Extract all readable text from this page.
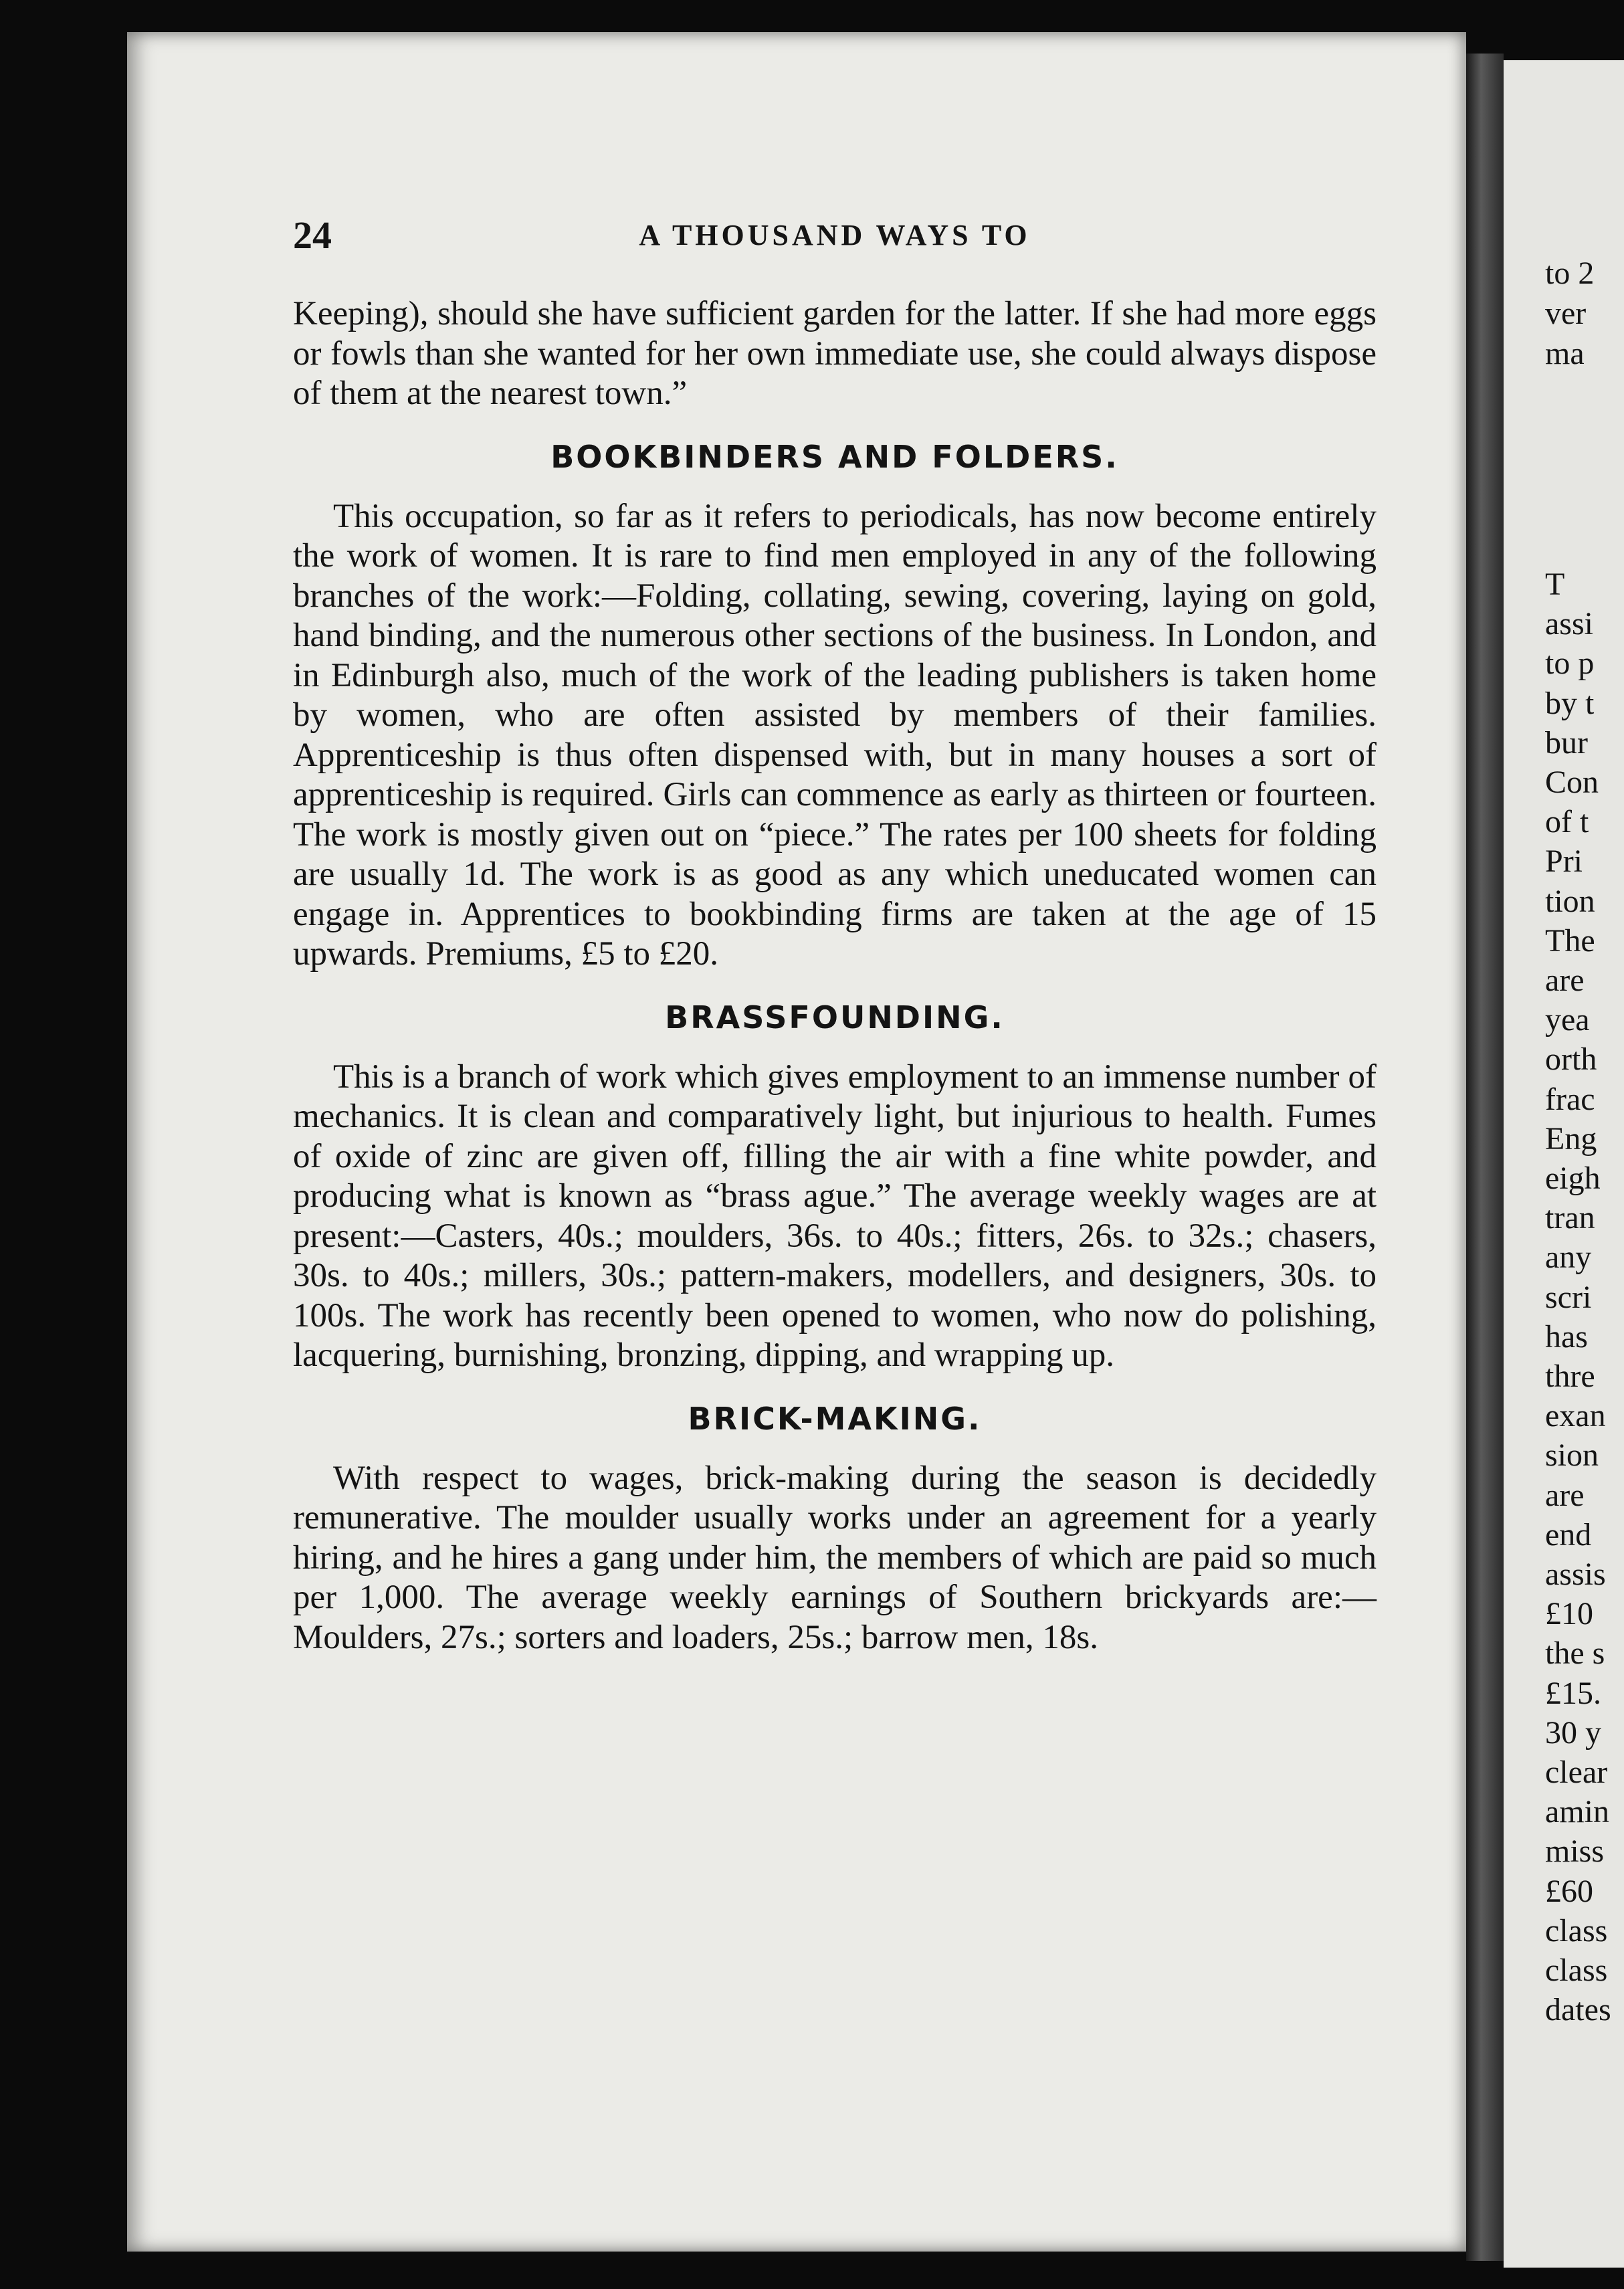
to 2
ver
ma
T
assi
to p
by t
bur
Con
of t
Pri
tion
The
are
yea
orth
frac
Eng
eigh
tran
any
scri
has
thre
exan
sion
are
end
assis
£10
the s
£15.
30 y
clear
amin
miss
£60
class
class
dates
24	A THOUSAND WAYS TO

Keeping), should she have sufficient garden for the latter. If she had more eggs or fowls than she wanted for her own immediate use, she could always dispose of them at the nearest town.”

BOOKBINDERS AND FOLDERS.

This occupation, so far as it refers to periodicals, has now become entirely the work of women. It is rare to find men employed in any of the following branches of the work:—Folding, collating, sewing, covering, laying on gold, hand binding, and the numerous other sections of the business. In London, and in Edinburgh also, much of the work of the leading publishers is taken home by women, who are often assisted by members of their families. Apprenticeship is thus often dispensed with, but in many houses a sort of apprenticeship is required. Girls can commence as early as thirteen or fourteen. The work is mostly given out on “piece.” The rates per 100 sheets for folding are usually 1d. The work is as good as any which uneducated women can engage in. Apprentices to bookbinding firms are taken at the age of 15 upwards. Premiums, £5 to £20.

BRASSFOUNDING.

This is a branch of work which gives employment to an immense number of mechanics. It is clean and comparatively light, but injurious to health. Fumes of oxide of zinc are given off, filling the air with a fine white powder, and producing what is known as “brass ague.” The average weekly wages are at present:—Casters, 40s.; moulders, 36s. to 40s.; fitters, 26s. to 32s.; chasers, 30s. to 40s.; millers, 30s.; pattern-makers, modellers, and designers, 30s. to 100s. The work has recently been opened to women, who now do polishing, lacquering, burnishing, bronzing, dipping, and wrapping up.

BRICK-MAKING.

With respect to wages, brick-making during the season is decidedly remunerative. The moulder usually works under an agreement for a yearly hiring, and he hires a gang under him, the members of which are paid so much per 1,000. The average weekly earnings of Southern brickyards are:—Moulders, 27s.; sorters and loaders, 25s.; barrow men, 18s.
